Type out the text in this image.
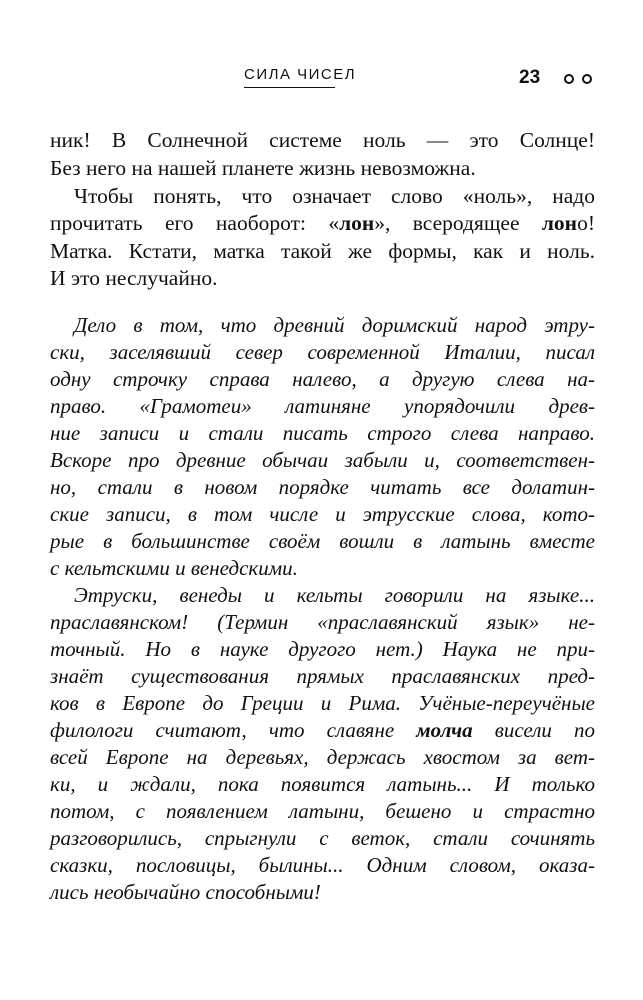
СИЛА ЧИСЕЛ	23
ник! В Солнечной системе ноль — это Солнце!
Без него на нашей планете жизнь невозможна.
Чтобы понять, что означает слово «ноль», надо
прочитать его наоборот: «лон», всеродящее лоно!
Матка. Кстати, матка такой же формы, как и ноль.
И это неслучайно.
Дело в том, что древний доримский народ этру-
ски, заселявший север современной Италии, писал
одну строчку справа налево, а другую слева на-
право. «Грамотеи» латиняне упорядочили древ-
ние записи и стали писать строго слева направо.
Вскоре про древние обычаи забыли и, соответствен-
но, стали в новом порядке читать все долатин-
ские записи, в том числе и этрусские слова, кото-
рые в большинстве своём вошли в латынь вместе
с кельтскими и венедскими.
Этруски, венеды и кельты говорили на языке...
праславянском! (Термин «праславянский язык» не-
точный. Но в науке другого нет.) Наука не при-
знаёт существования прямых праславянских пред-
ков в Европе до Греции и Рима. Учёные-переучёные
филологи считают, что славяне молча висели по
всей Европе на деревьях, держась хвостом за вет-
ки, и ждали, пока появится латынь... И только
потом, с появлением латыни, бешено и страстно
разговорились, спрыгнули с веток, стали сочинять
сказки, пословицы, былины... Одним словом, оказа-
лись необычайно способными!
